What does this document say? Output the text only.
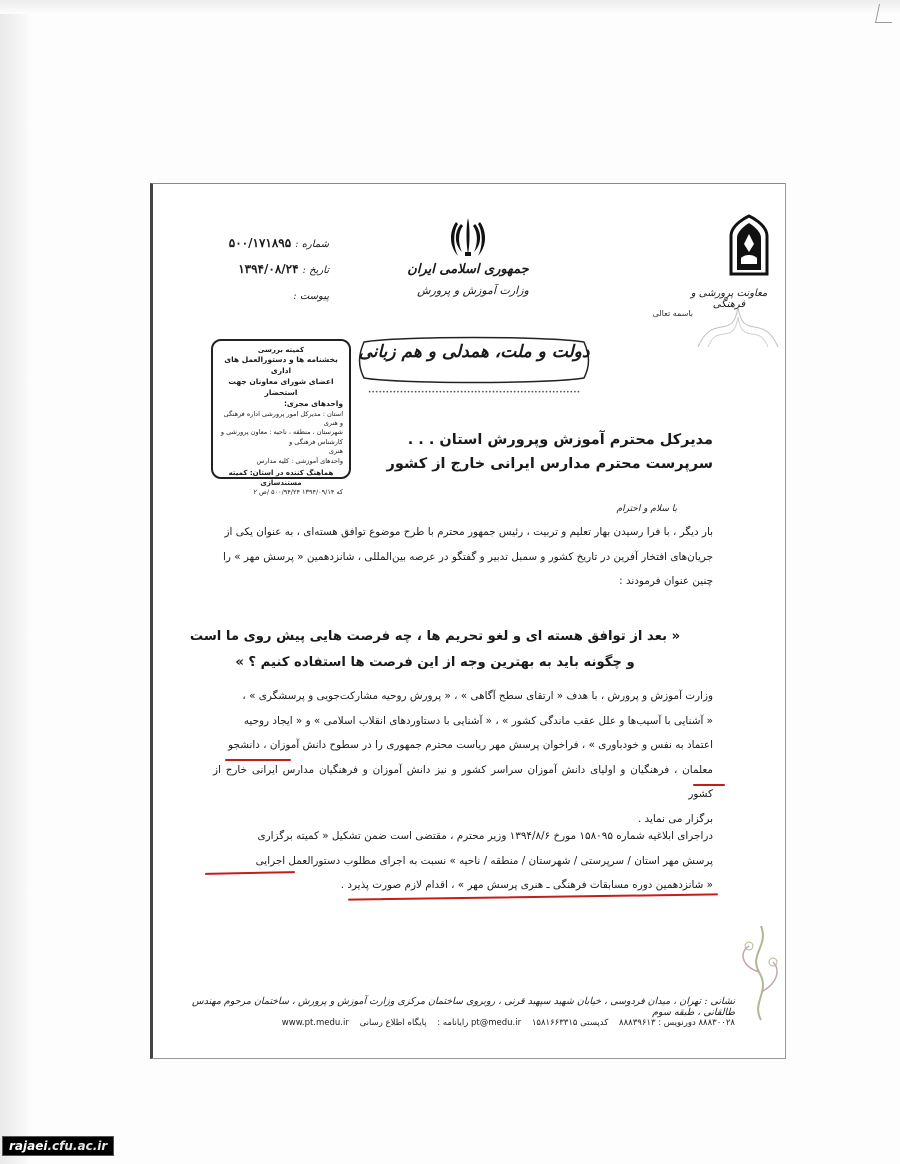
جمهوری اسلامی ایران
وزارت آموزش و پرورش	معاونت پرورشی و فرهنگی
باسمه تعالی
شماره :۵۰۰/۱۷۱۸۹۵
تاریخ :۱۳۹۴/۰۸/۲۴
پیوست :
دولت و ملت، همدلی و هم زبانی
••••••••••••••••••••••••••••••••••••••••••••••••••••••••••••
کمیته بررسی
بخشنامه ها و دستورالعمل های اداری
اعضای شورای معاونان جهت استحضار
واحدهای مجری:
استان : مدیرکل امور پرورشی اداره فرهنگی و هنری
شهرستان ، منطقه ، ناحیه : معاون پرورشی و کارشناس فرهنگی و
هنری
واحدهای آموزشی : کلیه مدارس
هماهنگ کننده در استان: کمیته مستندسازی
که ۱۳۹۴/۰۹/۱۴ ۵۰۰/۹۴/۲۴ /ص ۲
مدیرکل محترم آموزش وپرورش استان . . .
سرپرست محترم مدارس ایرانی خارج از کشور
با سلام و احترام
بار دیگر ، با فرا رسیدن بهار تعلیم و تربیت ، رئیس جمهور محترم با طرح موضوع توافق هسته‌ای ، به عنوان یکی از
جریان‌های افتخار آفرین در تاریخ کشور و سمبل تدبیر و گفتگو در عرصه بین‌المللی ، شانزدهمین « پرسش مهر » را
چنین عنوان فرمودند :
« بعد از توافق هسته ای و لغو تحریم ها ، چه فرصت هایی پیش روی ما است
و چگونه باید به بهترین وجه از این فرصت ها استفاده کنیم ؟ »
وزارت آموزش و پرورش ، با هدف « ارتقای سطح آگاهی » ، « پرورش روحیه مشارکت‌جویی و پرسشگری » ،
« آشنایی با آسیب‌ها و علل عقب ماندگی کشور » ، « آشنایی با دستاوردهای انقلاب اسلامی » و « ایجاد روحیه
اعتماد به نفس و خودباوری » ، فراخوان پرسش مهر ریاست محترم جمهوری را در سطوح دانش آموزان ، دانشجو
معلمان ، فرهنگیان و اولیای دانش آموزان سراسر کشور و نیز دانش آموزان و فرهنگیان مدارس ایرانی خارج از کشور
برگزار می نماید .
دراجرای ابلاغیه شماره ۱۵۸۰۹۵ مورخ ۱۳۹۴/۸/۶ وزیر محترم ، مقتضی است ضمن تشکیل « کمیته برگزاری
پرسش مهر استان / سرپرستی / شهرستان / منطقه / ناحیه » نسبت به اجرای مطلوب دستورالعمل اجرایی
« شانزدهمین دوره مسابقات فرهنگی ـ هنری پرسش مهر » ، اقدام لازم صورت پذیرد .
نشانی : تهران ، میدان فردوسی ، خیابان شهید سپهبد قرنی ، روبروی ساختمان مرکزی وزارت آموزش و پرورش ، ساختمان مرحوم مهندس طالقانی ، طبقه سوم
۸۸۸۳۰۰۲۸ دورنویس : ۸۸۸۳۹۶۱۳ کدپستی ۱۵۸۱۶۶۳۳۱۵ pt@medu.ir رایانامه : پایگاه اطلاع رسانی www.pt.medu.ir
rajaei.cfu.ac.ir
